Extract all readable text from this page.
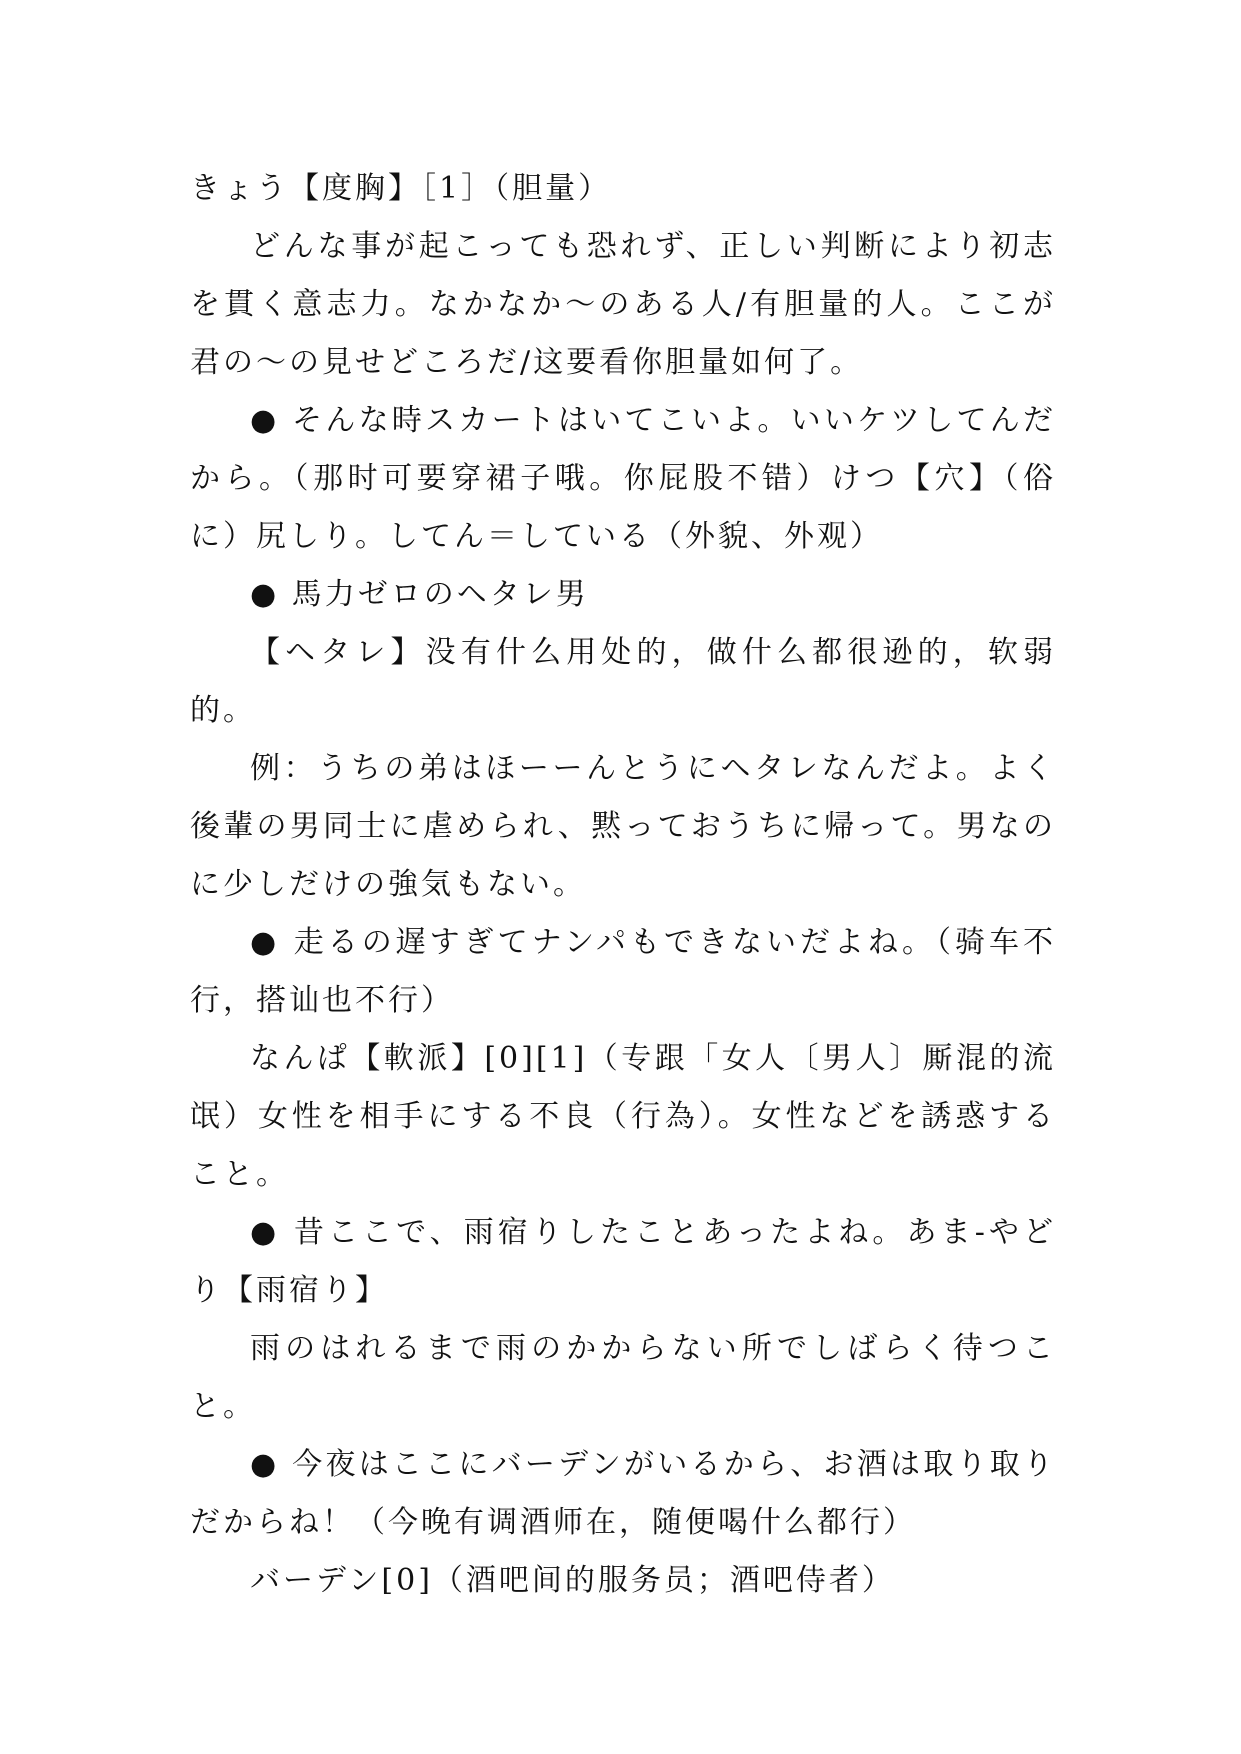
きょう【度胸】［1］（胆量）

どんな事が起こっても恐れず、正しい判断により初志を貫く意志力。なかなか～のある人/有胆量的人。ここが君の～の見せどころだ/这要看你胆量如何了。

● そんな時スカートはいてこいよ。いいケツしてんだから。（那时可要穿裙子哦。你屁股不错）けつ【穴】（俗に）尻しり。してん＝している（外貌、外观）

● 馬力ゼロのヘタレ男

【ヘタレ】没有什么用处的，做什么都很逊的，软弱的。

例：うちの弟はほーーんとうにヘタレなんだよ。よく後輩の男同士に虐められ、黙っておうちに帰って。男なのに少しだけの強気もない。

● 走るの遅すぎてナンパもできないだよね。（骑车不行，搭讪也不行）

なんぱ【軟派】[0][1]（专跟「女人〔男人〕厮混的流氓）女性を相手にする不良（行為）。女性などを誘惑すること。

● 昔ここで、雨宿りしたことあったよね。あま‐やどり【雨宿り】

雨のはれるまで雨のかからない所でしばらく待つこと。

● 今夜はここにバーデンがいるから、お酒は取り取りだからね！（今晚有调酒师在，随便喝什么都行）

バーデン[0]（酒吧间的服务员；酒吧侍者）
